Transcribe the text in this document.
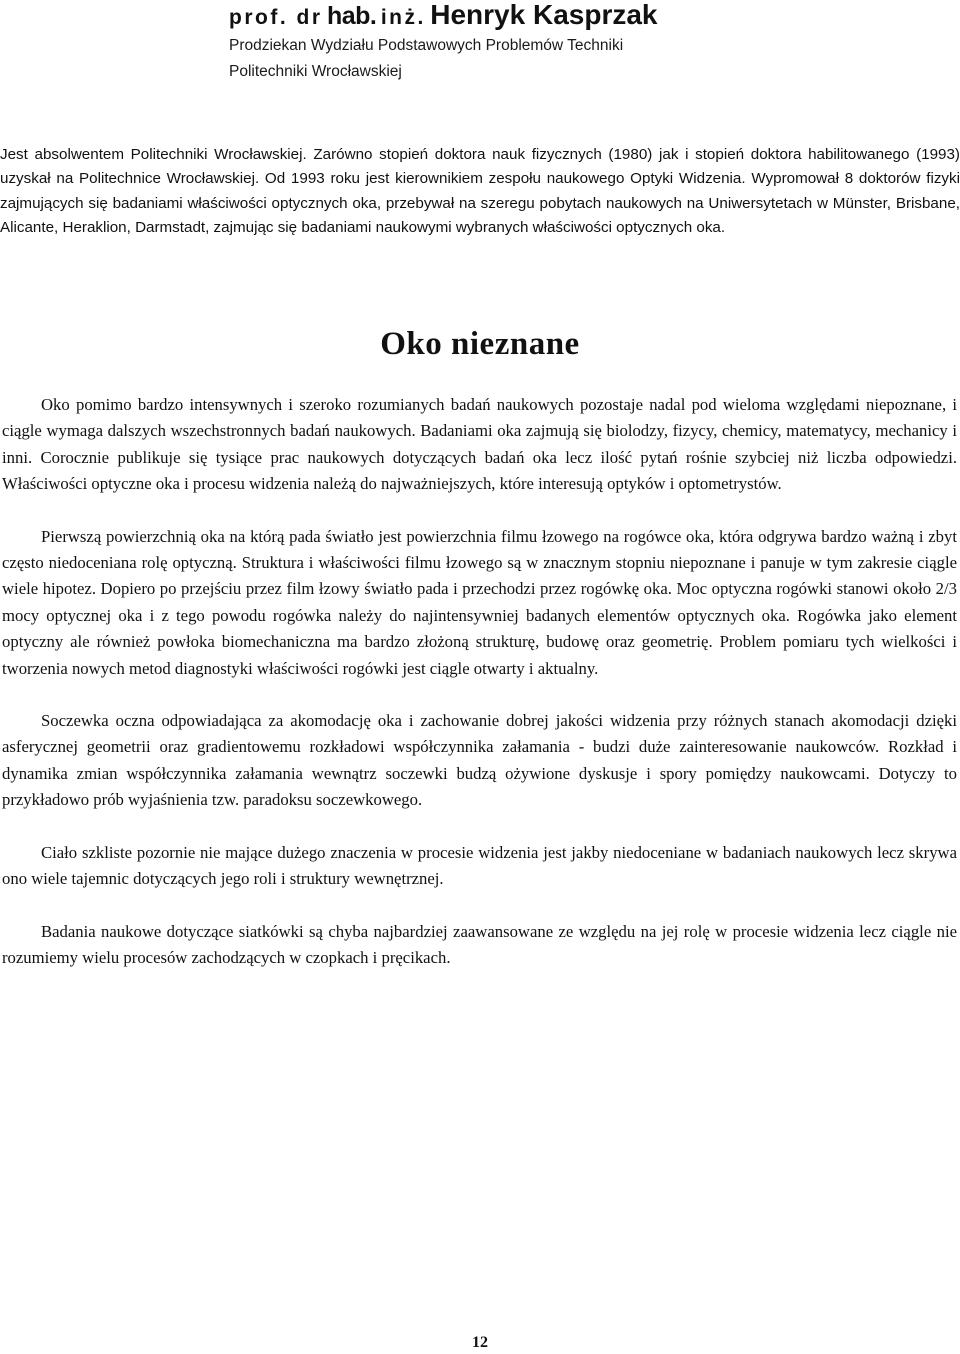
prof. dr hab. inż. Henryk Kasprzak

Prodziekan Wydziału Podstawowych Problemów Techniki

Politechniki Wrocławskiej

Jest absolwentem Politechniki Wrocławskiej. Zarówno stopień doktora nauk fizycznych (1980) jak i stopień doktora habilitowanego (1993) uzyskał na Politechnice Wrocławskiej. Od 1993 roku jest kierownikiem zespołu naukowego Optyki Widzenia. Wypromował 8 doktorów fizyki zajmujących się badaniami właściwości optycznych oka, przebywał na szeregu pobytach naukowych na Uniwersytetach w Münster, Brisbane, Alicante, Heraklion, Darmstadt, zajmując się badaniami naukowymi wybranych właściwości optycznych oka.

Oko nieznane

Oko pomimo bardzo intensywnych i szeroko rozumianych badań naukowych pozostaje nadal pod wieloma względami niepoznane, i ciągle wymaga dalszych wszechstronnych badań naukowych. Badaniami oka zajmują się biolodzy, fizycy, chemicy, matematycy, mechanicy i inni. Corocznie publikuje się tysiące prac naukowych dotyczących badań oka lecz ilość pytań rośnie szybciej niż liczba odpowiedzi. Właściwości optyczne oka i procesu widzenia należą do najważniejszych, które interesują optyków i optometrystów.

Pierwszą powierzchnią oka na którą pada światło jest powierzchnia filmu łzowego na rogówce oka, która odgrywa bardzo ważną i zbyt często niedoceniana rolę optyczną. Struktura i właściwości filmu łzowego są w znacznym stopniu niepoznane i panuje w tym zakresie ciągle wiele hipotez. Dopiero po przejściu przez film łzowy światło pada i przechodzi przez rogówkę oka. Moc optyczna rogówki stanowi około 2/3 mocy optycznej oka i z tego powodu rogówka należy do najintensywniej badanych elementów optycznych oka. Rogówka jako element optyczny ale również powłoka biomechaniczna ma bardzo złożoną strukturę, budowę oraz geometrię. Problem pomiaru tych wielkości i tworzenia nowych metod diagnostyki właściwości rogówki jest ciągle otwarty i aktualny.

Soczewka oczna odpowiadająca za akomodację oka i zachowanie dobrej jakości widzenia przy różnych stanach akomodacji dzięki asferycznej geometrii oraz gradientowemu rozkładowi współczynnika załamania - budzi duże zainteresowanie naukowców. Rozkład i dynamika zmian współczynnika załamania wewnątrz soczewki budzą ożywione dyskusje i spory pomiędzy naukowcami. Dotyczy to przykładowo prób wyjaśnienia tzw. paradoksu soczewkowego.

Ciało szkliste pozornie nie mające dużego znaczenia w procesie widzenia jest jakby niedoceniane w badaniach naukowych lecz skrywa ono wiele tajemnic dotyczących jego roli i struktury wewnętrznej.

Badania naukowe dotyczące siatkówki są chyba najbardziej zaawansowane ze względu na jej rolę w procesie widzenia lecz ciągle nie rozumiemy wielu procesów zachodzących w czopkach i pręcikach.

12
